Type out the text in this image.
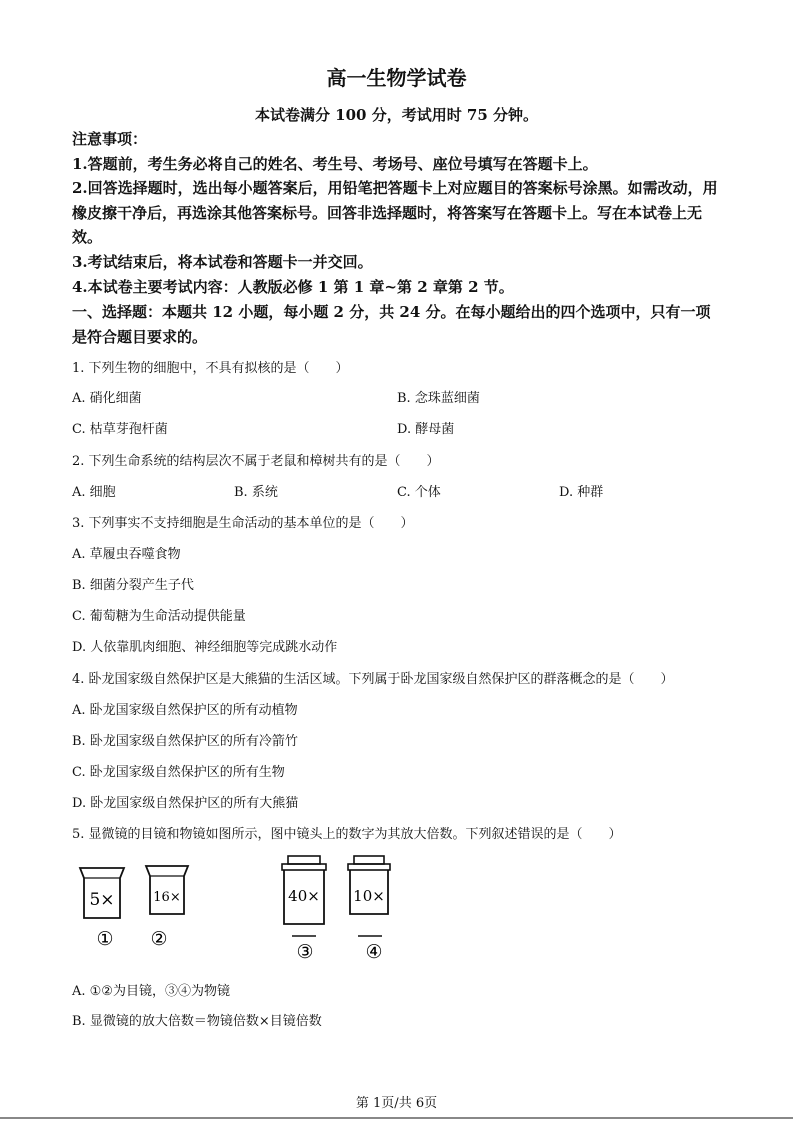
高一生物学试卷
本试卷满分 100 分，考试用时 75 分钟。
注意事项：
1.答题前，考生务必将自己的姓名、考生号、考场号、座位号填写在答题卡上。
2.回答选择题时，选出每小题答案后，用铅笔把答题卡上对应题目的答案标号涂黑。如需改动，用橡皮擦干净后，再选涂其他答案标号。回答非选择题时，将答案写在答题卡上。写在本试卷上无效。
3.考试结束后，将本试卷和答题卡一并交回。
4.本试卷主要考试内容：人教版必修 1 第 1 章~第 2 章第 2 节。
一、选择题：本题共 12 小题，每小题 2 分，共 24 分。在每小题给出的四个选项中，只有一项是符合题目要求的。
1. 下列生物的细胞中，不具有拟核的是（　　）
A. 硝化细菌	B. 念珠蓝细菌
C. 枯草芽孢杆菌	D. 酵母菌
2. 下列生命系统的结构层次不属于老鼠和樟树共有的是（　　）
A. 细胞	B. 系统	C. 个体	D. 种群
3. 下列事实不支持细胞是生命活动的基本单位的是（　　）
A. 草履虫吞噬食物
B. 细菌分裂产生子代
C. 葡萄糖为生命活动提供能量
D. 人依靠肌肉细胞、神经细胞等完成跳水动作
4. 卧龙国家级自然保护区是大熊猫的生活区域。下列属于卧龙国家级自然保护区的群落概念的是（　　）
A. 卧龙国家级自然保护区的所有动植物
B. 卧龙国家级自然保护区的所有冷箭竹
C. 卧龙国家级自然保护区的所有生物
D. 卧龙国家级自然保护区的所有大熊猫
5. 显微镜的目镜和物镜如图所示，图中镜头上的数字为其放大倍数。下列叙述错误的是（　　）
5×	16×	40× 10×
① ②
③	④
A. ①②为目镜，③④为物镜
B. 显微镜的放大倍数＝物镜倍数×目镜倍数
第 1页/共 6页
